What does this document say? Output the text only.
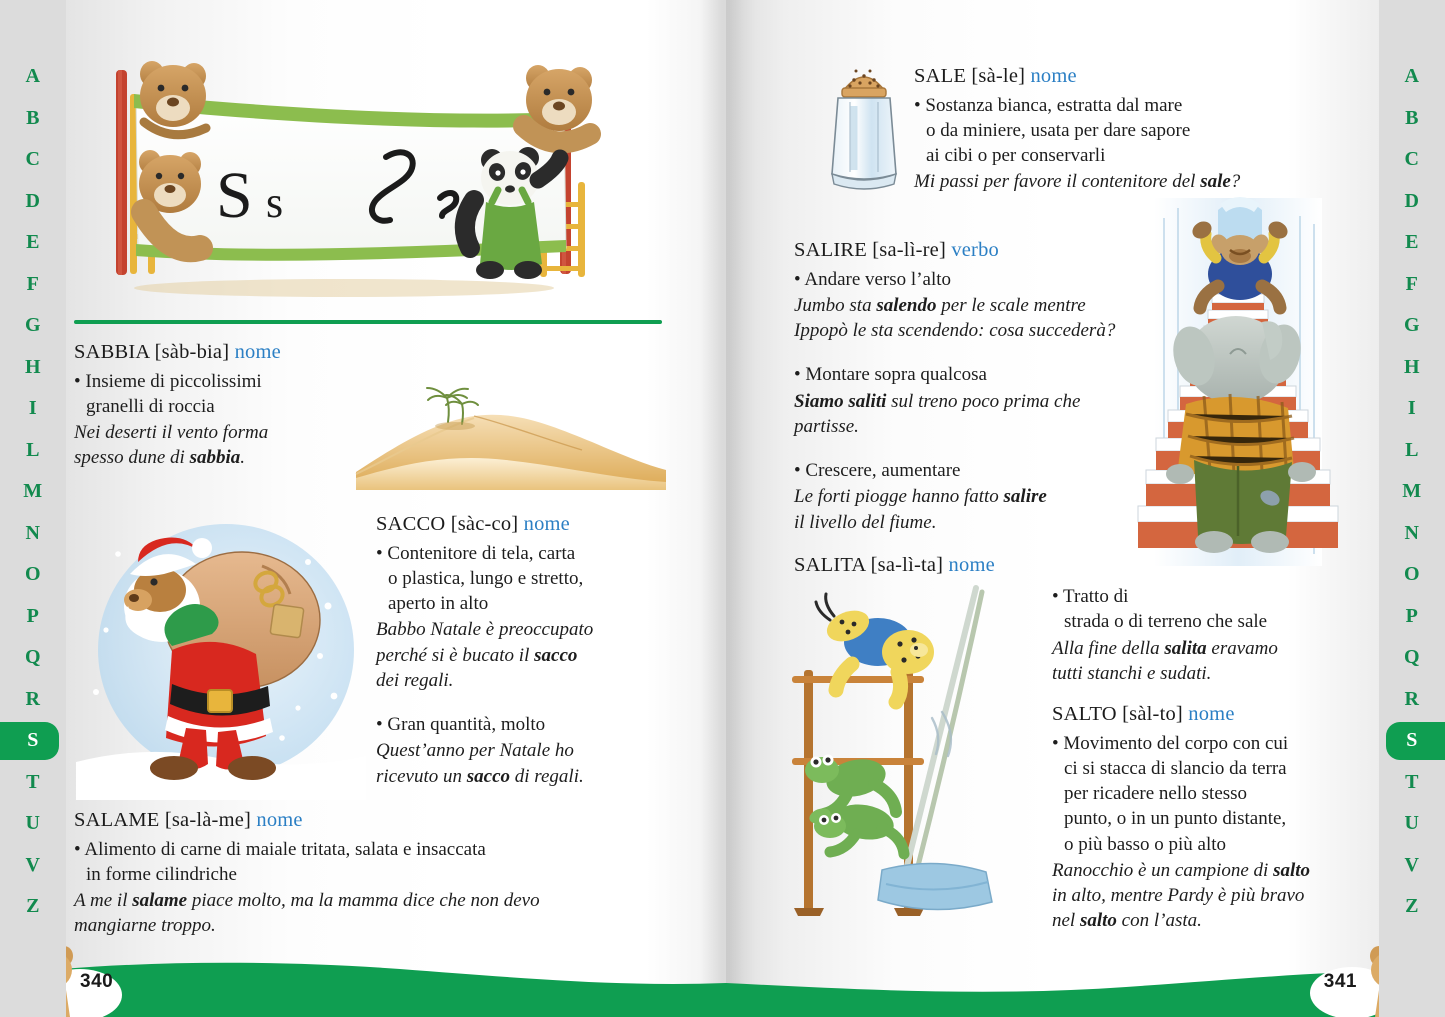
S s
SABBIA [sàb-bia] nome
• Insieme di piccolissimi
granelli di roccia
Nei deserti il vento forma
spesso dune di sabbia.
SACCO [sàc-co] nome
• Contenitore di tela, carta
o plastica, lungo e stretto,
aperto in alto
Babbo Natale è preoccupato
perché si è bucato il sacco
dei regali.
• Gran quantità, molto
Quest’anno per Natale ho
ricevuto un sacco di regali.
SALAME [sa-là-me] nome
• Alimento di carne di maiale tritata, salata e insaccata
in forme cilindriche
A me il salame piace molto, ma la mamma dice che non devo
mangiarne troppo.
SALE [sà-le] nome
• Sostanza bianca, estratta dal mare
o da miniere, usata per dare sapore
ai cibi o per conservarli
Mi passi per favore il contenitore del sale?
SALIRE [sa-lì-re] verbo
• Andare verso l’alto
Jumbo sta salendo per le scale mentre
Ippopò le sta scendendo: cosa succederà?
• Montare sopra qualcosa
Siamo saliti sul treno poco prima che
partisse.
• Crescere, aumentare
Le forti piogge hanno fatto salire
il livello del fiume.
SALITA [sa-lì-ta] nome
• Tratto di
strada o di terreno che sale
Alla fine della salita eravamo
tutti stanchi e sudati.
SALTO [sàl-to] nome
• Movimento del corpo con cui
ci si stacca di slancio da terra
per ricadere nello stesso
punto, o in un punto distante,
o più basso o più alto
Ranocchio è un campione di salto
in alto, mentre Pardy è più bravo
nel salto con l’asta.
340	341
A
B
C
D
E
F
G
H
I
L
M
N
O
P
Q
R
S
T
U
V
Z
A
B
C
D
E
F
G
H
I
L
M
N
O
P
Q
R
S
T
U
V
Z
